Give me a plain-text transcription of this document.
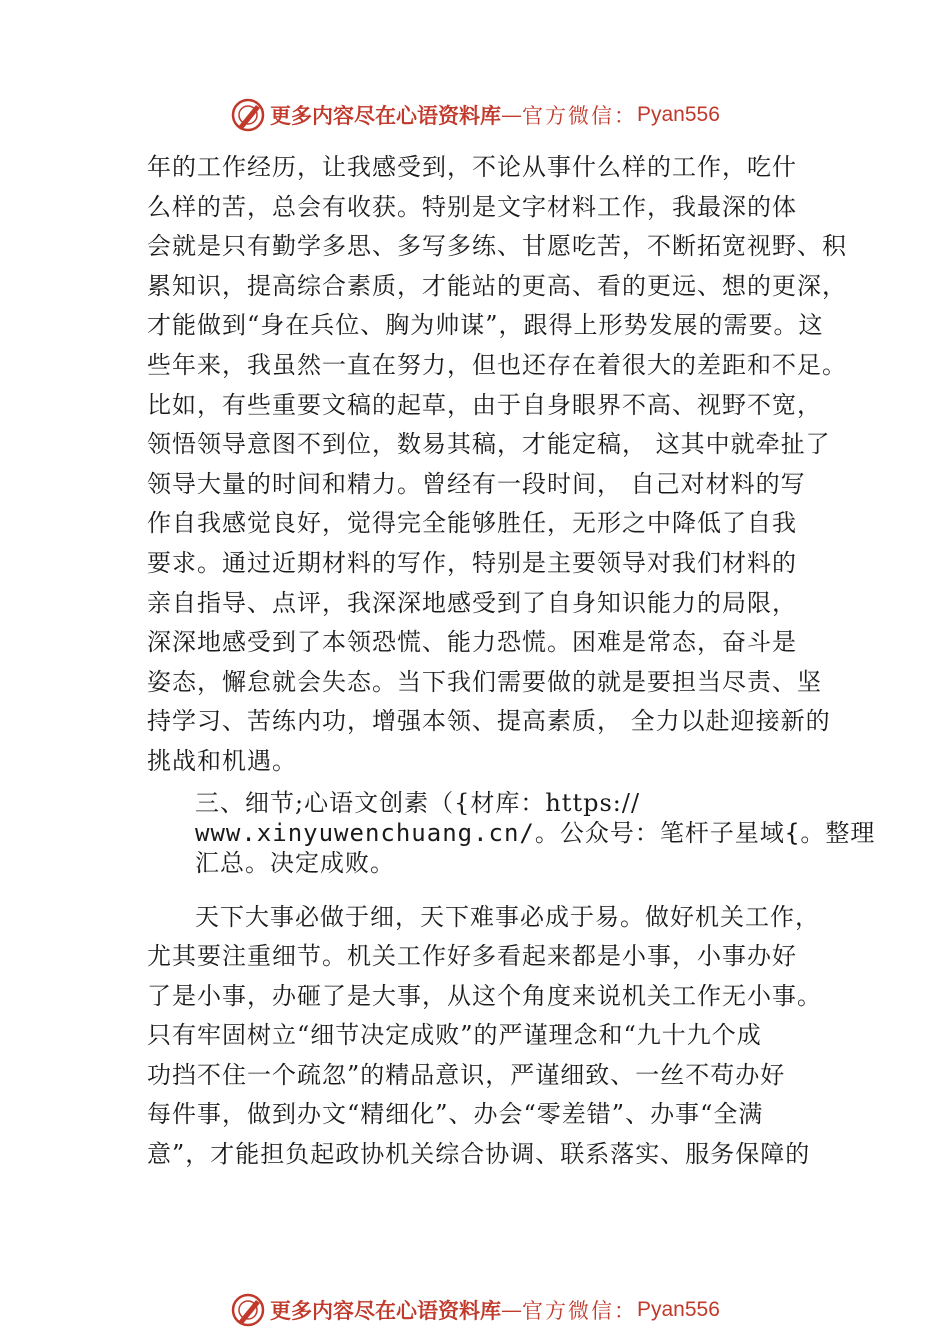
更多内容尽在心语资料库 — 官方微信： Pyan556
年的工作经历，让我感受到，不论从事什么样的工作，吃什
么样的苦，总会有收获。特别是文字材料工作，我最深的体
会就是只有勤学多思、多写多练、甘愿吃苦，不断拓宽视野、积
累知识，提高综合素质，才能站的更高、看的更远、想的更深，
才能做到“身在兵位、胸为帅谋”，跟得上形势发展的需要。这
些年来，我虽然一直在努力，但也还存在着很大的差距和不足。
比如，有些重要文稿的起草，由于自身眼界不高、视野不宽，
领悟领导意图不到位，数易其稿，才能定稿， 这其中就牵扯了
领导大量的时间和精力。曾经有一段时间， 自己对材料的写
作自我感觉良好，觉得完全能够胜任，无形之中降低了自我
要求。通过近期材料的写作，特别是主要领导对我们材料的
亲自指导、点评，我深深地感受到了自身知识能力的局限，
深深地感受到了本领恐慌、能力恐慌。困难是常态，奋斗是
姿态，懈怠就会失态。当下我们需要做的就是要担当尽责、坚
持学习、苦练内功，增强本领、提高素质， 全力以赴迎接新的
挑战和机遇。
三、细节;心语文创素（{材库：https://
www.xinyuwenchuang.cn/。公众号：笔杆子星域{。整理
汇总。决定成败。
天下大事必做于细，天下难事必成于易。做好机关工作，
尤其要注重细节。机关工作好多看起来都是小事，小事办好
了是小事，办砸了是大事，从这个角度来说机关工作无小事。
只有牢固树立“细节决定成败”的严谨理念和“九十九个成
功挡不住一个疏忽”的精品意识，严谨细致、一丝不苟办好
每件事，做到办文“精细化”、办会“零差错”、办事“全满
意”，才能担负起政协机关综合协调、联系落实、服务保障的
更多内容尽在心语资料库 — 官方微信： Pyan556
